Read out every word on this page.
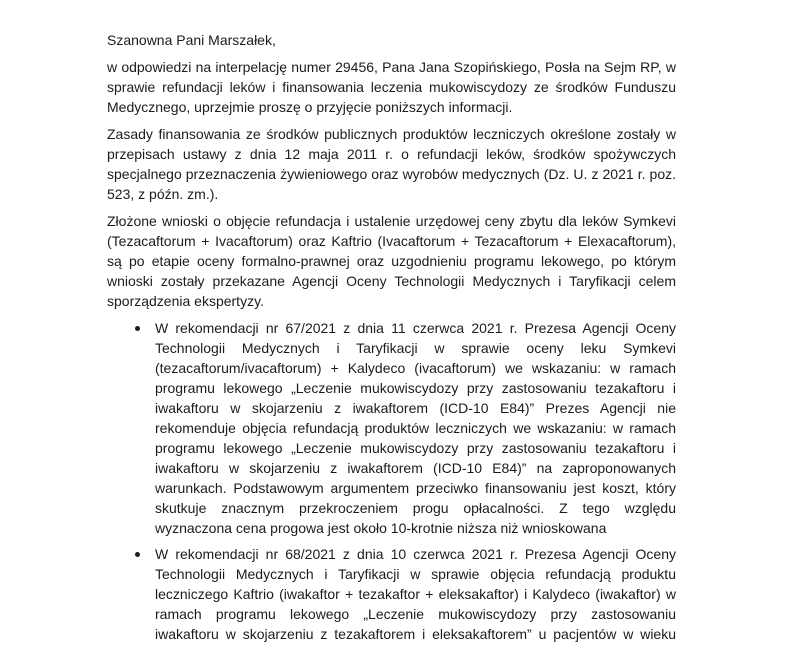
Szanowna Pani Marszałek,

w odpowiedzi na interpelację numer 29456, Pana Jana Szopińskiego, Posła na Sejm RP, w sprawie refundacji leków i finansowania leczenia mukowiscydozy ze środków Funduszu Medycznego, uprzejmie proszę o przyjęcie poniższych informacji.

Zasady finansowania ze środków publicznych produktów leczniczych określone zostały w przepisach ustawy z dnia 12 maja 2011 r. o refundacji leków, środków spożywczych specjalnego przeznaczenia żywieniowego oraz wyrobów medycznych (Dz. U. z 2021 r. poz. 523, z późn. zm.).

Złożone wnioski o objęcie refundacja i ustalenie urzędowej ceny zbytu dla leków Symkevi (Tezacaftorum + Ivacaftorum) oraz Kaftrio (Ivacaftorum + Tezacaftorum + Elexacaftorum), są po etapie oceny formalno-prawnej oraz uzgodnieniu programu lekowego, po którym wnioski zostały przekazane Agencji Oceny Technologii Medycznych i Taryfikacji celem sporządzenia ekspertyzy.

W rekomendacji nr 67/2021 z dnia 11 czerwca 2021 r. Prezesa Agencji Oceny Technologii Medycznych i Taryfikacji w sprawie oceny leku Symkevi (tezacaftorum/ivacaftorum) + Kalydeco (ivacaftorum) we wskazaniu: w ramach programu lekowego „Leczenie mukowiscydozy przy zastosowaniu tezakaftoru i iwakaftoru w skojarzeniu z iwakaftorem (ICD-10 E84)” Prezes Agencji nie rekomenduje objęcia refundacją produktów leczniczych we wskazaniu: w ramach programu lekowego „Leczenie mukowiscydozy przy zastosowaniu tezakaftoru i iwakaftoru w skojarzeniu z iwakaftorem (ICD-10 E84)” na zaproponowanych warunkach. Podstawowym argumentem przeciwko finansowaniu jest koszt, który skutkuje znacznym przekroczeniem progu opłacalności. Z tego względu wyznaczona cena progowa jest około 10-krotnie niższa niż wnioskowana
W rekomendacji nr 68/2021 z dnia 10 czerwca 2021 r. Prezesa Agencji Oceny Technologii Medycznych i Taryfikacji w sprawie objęcia refundacją produktu leczniczego Kaftrio (iwakaftor + tezakaftor + eleksakaftor) i Kalydeco (iwakaftor) w ramach programu lekowego „Leczenie mukowiscydozy przy zastosowaniu iwakaftoru w skojarzeniu z tezakaftorem i eleksakaftorem” u pacjentów w wieku
